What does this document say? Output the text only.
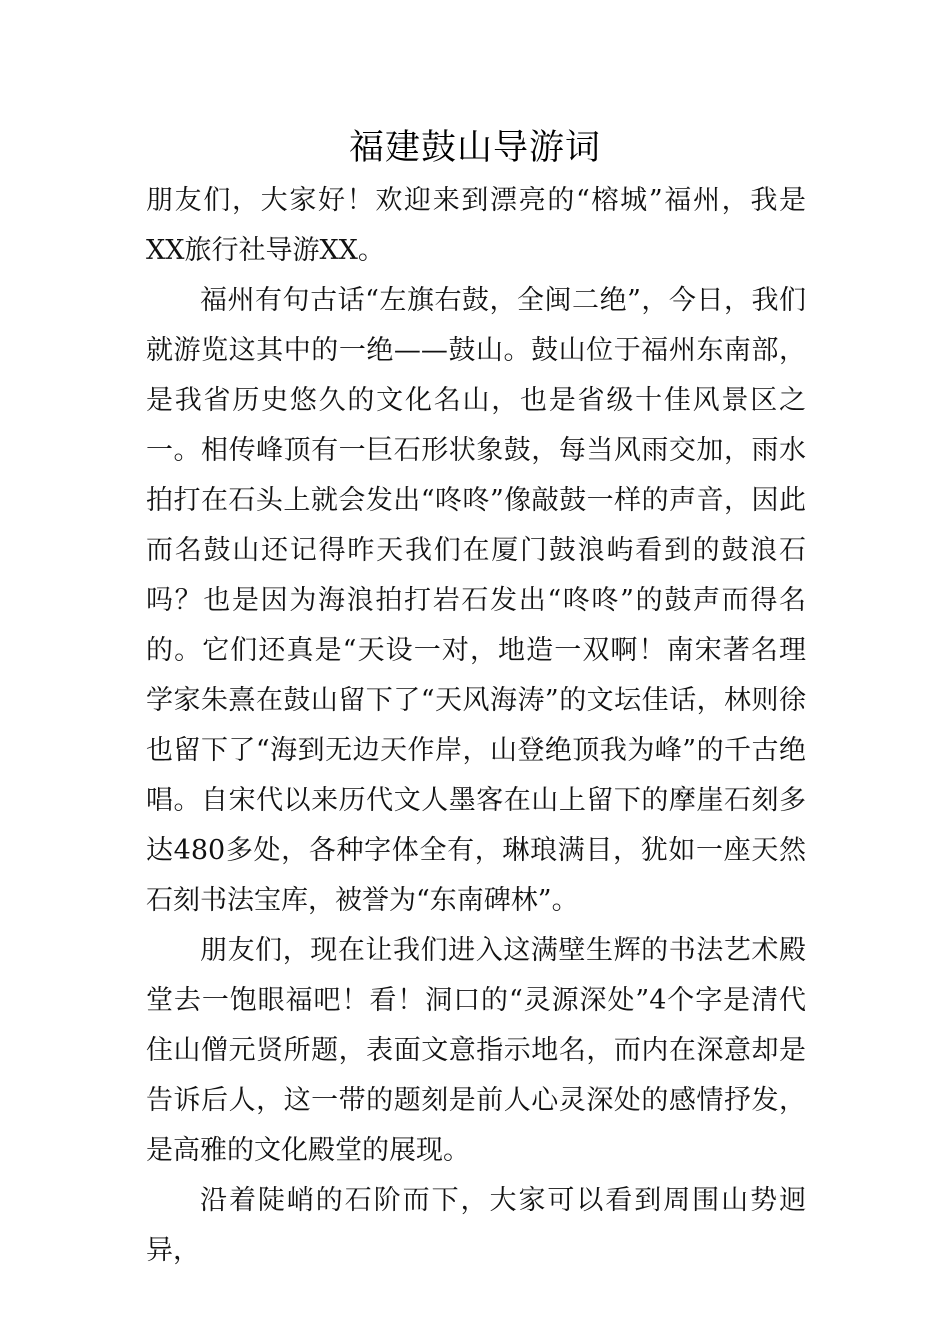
福建鼓山导游词

朋友们，大家好！欢迎来到漂亮的“榕城”福州，我是XX旅行社导游XX。

福州有句古话“左旗右鼓，全闽二绝”，今日，我们就游览这其中的一绝——鼓山。鼓山位于福州东南部，是我省历史悠久的文化名山，也是省级十佳风景区之一。相传峰顶有一巨石形状象鼓，每当风雨交加，雨水拍打在石头上就会发出“咚咚”像敲鼓一样的声音，因此而名鼓山还记得昨天我们在厦门鼓浪屿看到的鼓浪石吗？也是因为海浪拍打岩石发出“咚咚”的鼓声而得名的。它们还真是“天设一对，地造一双啊！南宋著名理学家朱熹在鼓山留下了“天风海涛”的文坛佳话，林则徐也留下了“海到无边天作岸，山登绝顶我为峰”的千古绝唱。自宋代以来历代文人墨客在山上留下的摩崖石刻多达480多处，各种字体全有，琳琅满目，犹如一座天然石刻书法宝库，被誉为“东南碑林”。

朋友们，现在让我们进入这满壁生辉的书法艺术殿堂去一饱眼福吧！看！洞口的“灵源深处”4个字是清代住山僧元贤所题，表面文意指示地名，而内在深意却是告诉后人，这一带的题刻是前人心灵深处的感情抒发，是高雅的文化殿堂的展现。

沿着陡峭的石阶而下，大家可以看到周围山势迥异，
